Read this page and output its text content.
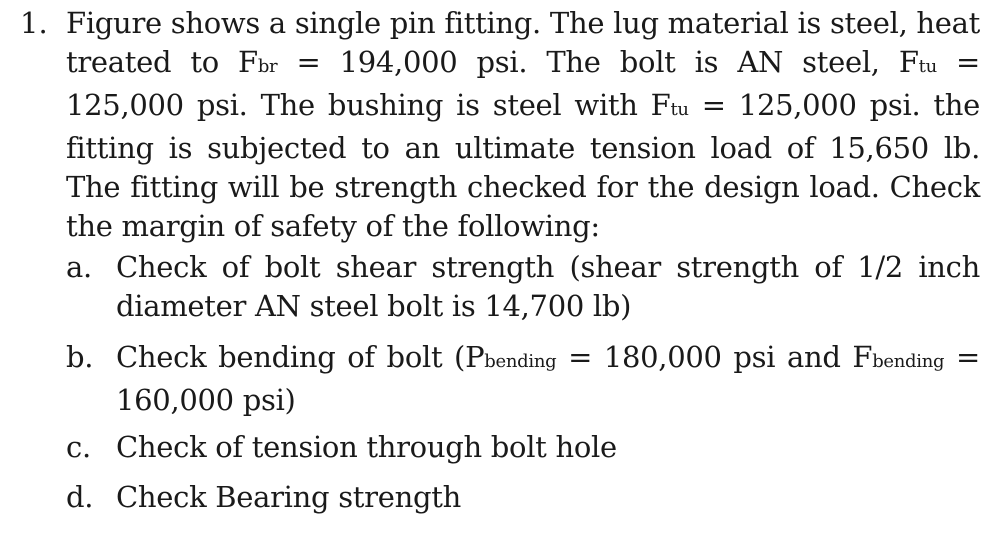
1. Figure shows a single pin fitting. The lug material is steel, heat treated to Fbr = 194,000 psi. The bolt is AN steel, Ftu = 125,000 psi. The bushing is steel with Ftu = 125,000 psi. the fitting is subjected to an ultimate tension load of 15,650 lb. The fitting will be strength checked for the design load. Check the margin of safety of the following:
a. Check of bolt shear strength (shear strength of 1/2 inch diameter AN steel bolt is 14,700 lb)
b. Check bending of bolt (Pbending = 180,000 psi and Fbending = 160,000 psi)
c. Check of tension through bolt hole
d. Check Bearing strength
